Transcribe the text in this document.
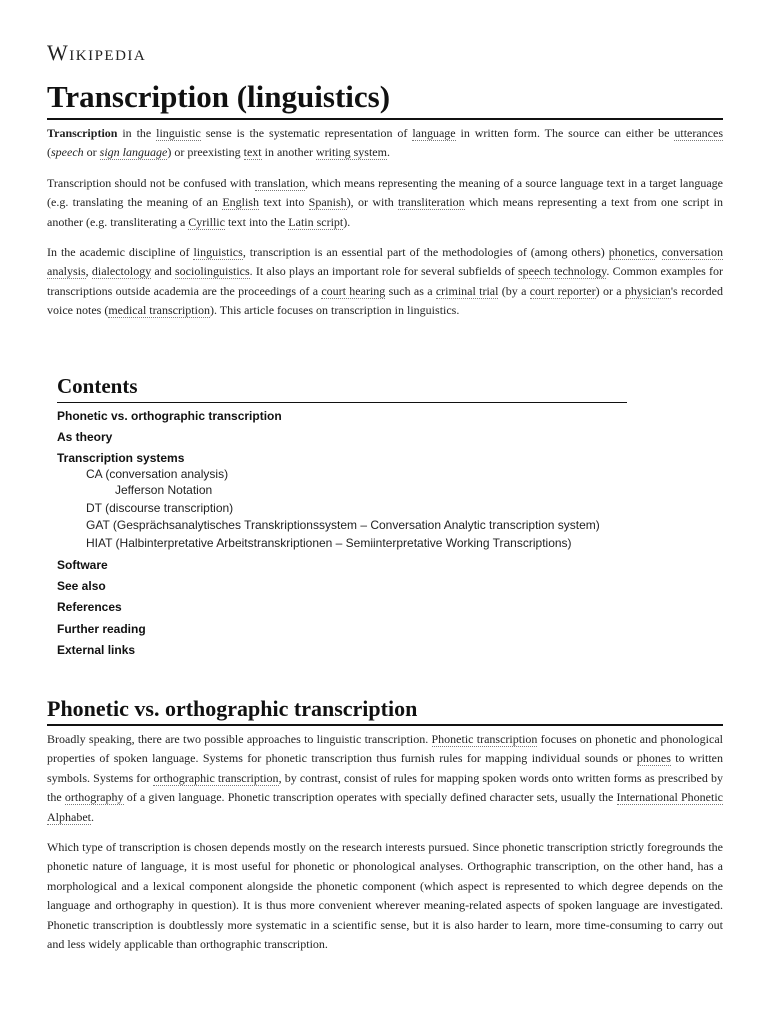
Wikipedia
Transcription (linguistics)

Transcription in the linguistic sense is the systematic representation of language in written form. The source can either be utterances (speech or sign language) or preexisting text in another writing system.

Transcription should not be confused with translation, which means representing the meaning of a source language text in a target language (e.g. translating the meaning of an English text into Spanish), or with transliteration which means representing a text from one script in another (e.g. transliterating a Cyrillic text into the Latin script).

In the academic discipline of linguistics, transcription is an essential part of the methodologies of (among others) phonetics, conversation analysis, dialectology and sociolinguistics. It also plays an important role for several subfields of speech technology. Common examples for transcriptions outside academia are the proceedings of a court hearing such as a criminal trial (by a court reporter) or a physician's recorded voice notes (medical transcription). This article focuses on transcription in linguistics.

Contents
Phonetic vs. orthographic transcription
As theory
Transcription systems
CA (conversation analysis)
Jefferson Notation
DT (discourse transcription)
GAT (Gesprächsanalytisches Transkriptionssystem – Conversation Analytic transcription system)
HIAT (Halbinterpretative Arbeitstranskriptionen – Semiinterpretative Working Transcriptions)
Software
See also
References
Further reading
External links
Phonetic vs. orthographic transcription

Broadly speaking, there are two possible approaches to linguistic transcription. Phonetic transcription focuses on phonetic and phonological properties of spoken language. Systems for phonetic transcription thus furnish rules for mapping individual sounds or phones to written symbols. Systems for orthographic transcription, by contrast, consist of rules for mapping spoken words onto written forms as prescribed by the orthography of a given language. Phonetic transcription operates with specially defined character sets, usually the International Phonetic Alphabet.

Which type of transcription is chosen depends mostly on the research interests pursued. Since phonetic transcription strictly foregrounds the phonetic nature of language, it is most useful for phonetic or phonological analyses. Orthographic transcription, on the other hand, has a morphological and a lexical component alongside the phonetic component (which aspect is represented to which degree depends on the language and orthography in question). It is thus more convenient wherever meaning-related aspects of spoken language are investigated. Phonetic transcription is doubtlessly more systematic in a scientific sense, but it is also harder to learn, more time-consuming to carry out and less widely applicable than orthographic transcription.
